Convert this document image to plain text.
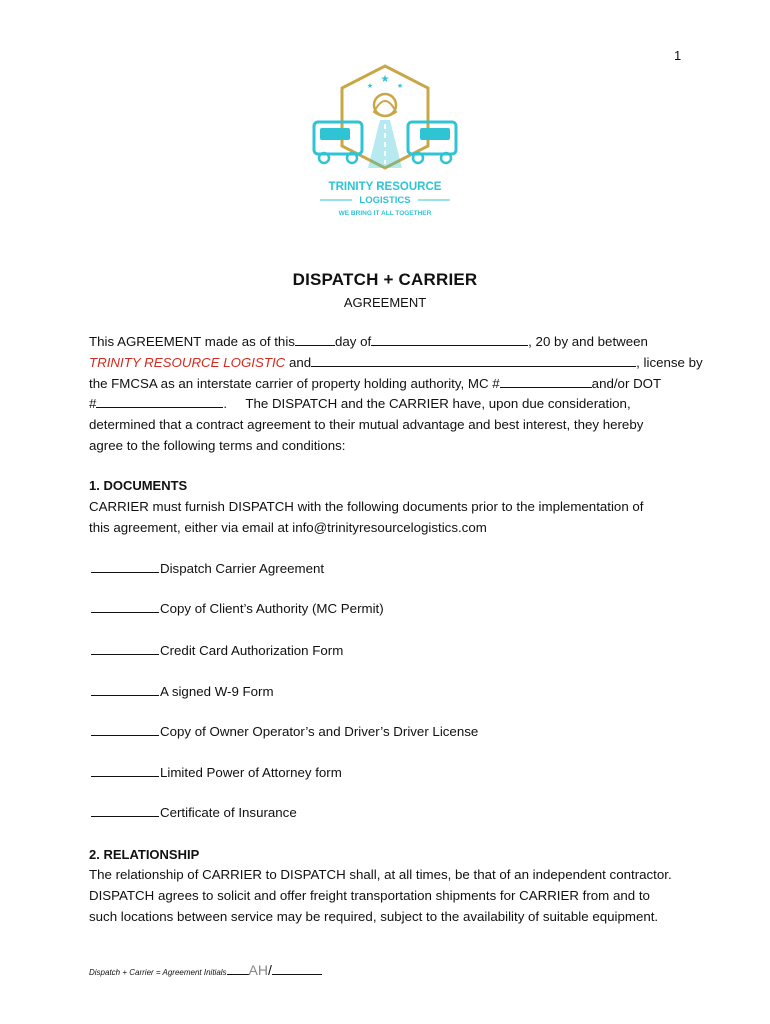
1
★
★	★
TRINITY RESOURCE
LOGISTICS
WE BRING IT ALL TOGETHER
DISPATCH + CARRIER
AGREEMENT

This AGREEMENT made as of this	day of	, 20 by and between

TRINITY RESOURCE LOGISTIC and	, license by

the FMCSA as an interstate carrier of property holding authority, MC #	and/or DOT

#	.     The DISPATCH and the CARRIER have, upon due consideration,

determined that a contract agreement to their mutual advantage and best interest, they hereby

agree to the following terms and conditions:

1. DOCUMENTS

CARRIER must furnish DISPATCH with the following documents prior to the implementation of

this agreement, either via email at info@trinityresourcelogistics.com

Dispatch Carrier Agreement
Copy of Client’s Authority (MC Permit)
Credit Card Authorization Form
A signed W-9 Form
Copy of Owner Operator’s and Driver’s Driver License
Limited Power of Attorney form
Certificate of Insurance
2. RELATIONSHIP

The relationship of CARRIER to DISPATCH shall, at all times, be that of an independent contractor.

DISPATCH agrees to solicit and offer freight transportation shipments for CARRIER from and to

such locations between service may be required, subject to the availability of suitable equipment.

Dispatch + Carrier = Agreement Initials AH/
